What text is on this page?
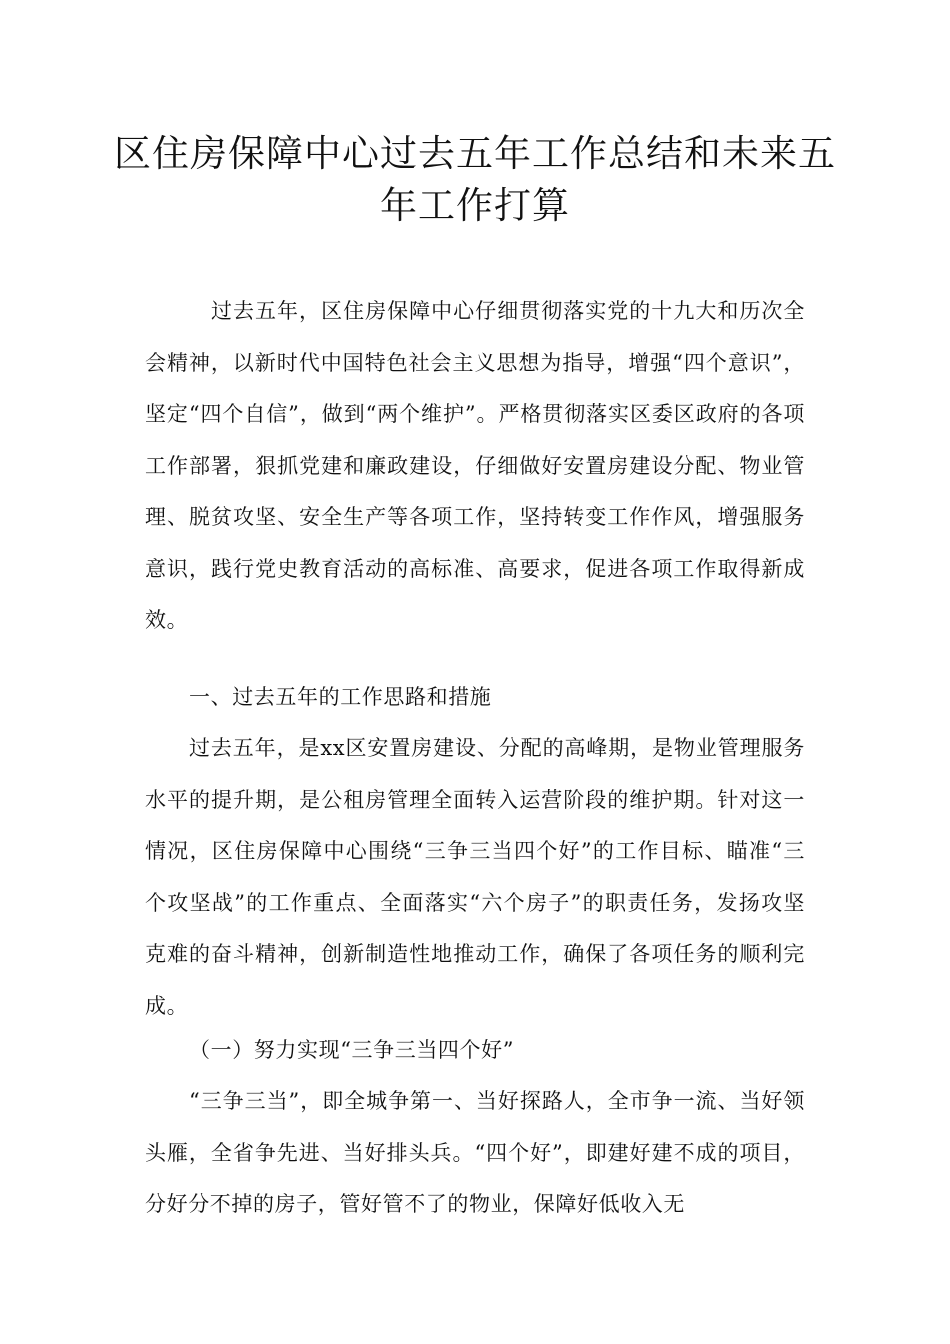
区住房保障中心过去五年工作总结和未来五年工作打算

过去五年，区住房保障中心仔细贯彻落实党的十九大和历次全会精神，以新时代中国特色社会主义思想为指导，增强“四个意识”，坚定“四个自信”，做到“两个维护”。严格贯彻落实区委区政府的各项工作部署，狠抓党建和廉政建设，仔细做好安置房建设分配、物业管理、脱贫攻坚、安全生产等各项工作，坚持转变工作作风，增强服务意识，践行党史教育活动的高标准、高要求，促进各项工作取得新成效。

一、过去五年的工作思路和措施

过去五年，是xx区安置房建设、分配的高峰期，是物业管理服务水平的提升期，是公租房管理全面转入运营阶段的维护期。针对这一情况，区住房保障中心围绕“三争三当四个好”的工作目标、瞄准“三个攻坚战”的工作重点、全面落实“六个房子”的职责任务，发扬攻坚克难的奋斗精神，创新制造性地推动工作，确保了各项任务的顺利完成。

（一）努力实现“三争三当四个好”

“三争三当”，即全城争第一、当好探路人，全市争一流、当好领头雁，全省争先进、当好排头兵。“四个好”，即建好建不成的项目，分好分不掉的房子，管好管不了的物业，保障好低收入无
